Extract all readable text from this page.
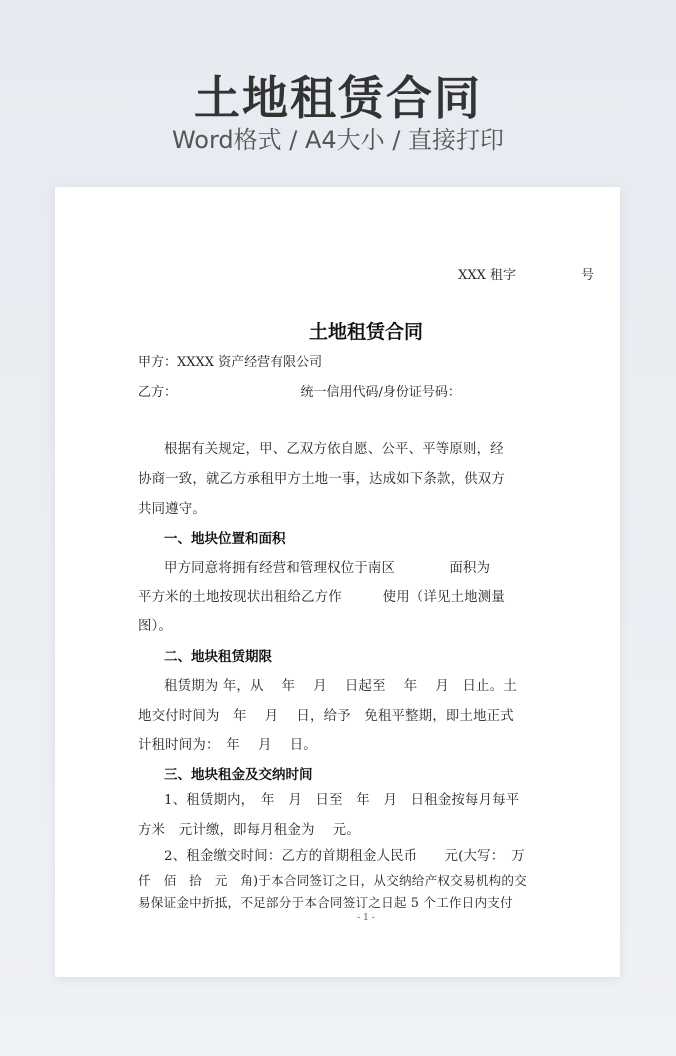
土地租赁合同
Word格式 / A4大小 / 直接打印
XXX 租字　　　　　号
土地租赁合同
甲方：XXXX 资产经营有限公司
乙方：　　　　　　　　　　统一信用代码/身份证号码：
根据有关规定，甲、乙双方依自愿、公平、平等原则，经
协商一致，就乙方承租甲方土地一事，达成如下条款，供双方
共同遵守。
一、地块位置和面积
甲方同意将拥有经营和管理权位于南区　　　　面积为
平方米的土地按现状出租给乙方作　　　使用（详见土地测量
图）。
二、地块租赁期限
租赁期为 年，从　 年　 月　 日起至　 年　 月　日止。土
地交付时间为　年　 月　 日，给予　免租平整期，即土地正式
计租时间为：　年　 月　 日。
三、地块租金及交纳时间
1、租赁期内，　年　月　日至　年　月　日租金按每月每平
方米　元计缴，即每月租金为　 元。
2、租金缴交时间：乙方的首期租金人民币　　元(大写：　万
仟　佰　拾　元　角)于本合同签订之日，从交纳给产权交易机构的交
易保证金中折抵，不足部分于本合同签订之日起 5 个工作日内支付
- 1 -
